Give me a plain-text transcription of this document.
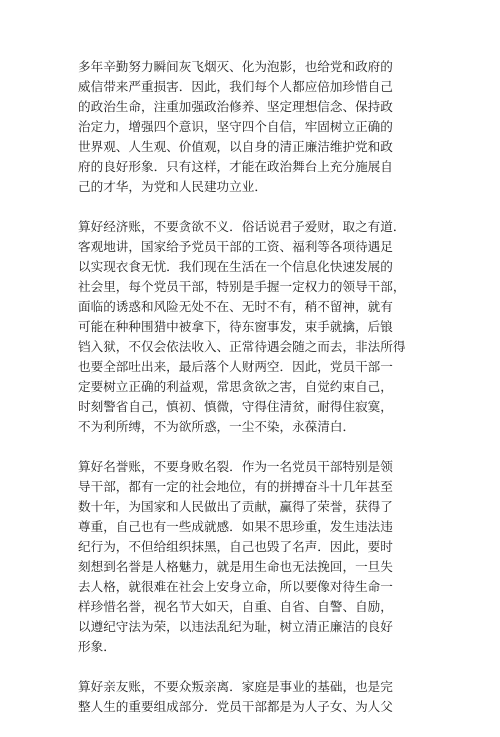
多年辛勤努力瞬间灰飞烟灭、化为泡影，也给党和政府的
威信带来严重损害．因此，我们每个人都应倍加珍惜自己
的政治生命，注重加强政治修养、坚定理想信念、保持政
治定力，增强四个意识，坚守四个自信，牢固树立正确的
世界观、人生观、价值观，以自身的清正廉洁维护党和政
府的良好形象．只有这样，才能在政治舞台上充分施展自
己的才华，为党和人民建功立业．
算好经济账，不要贪欲不义．俗话说君子爱财，取之有道．
客观地讲，国家给予党员干部的工资、福利等各项待遇足
以实现衣食无忧．我们现在生活在一个信息化快速发展的
社会里，每个党员干部，特别是手握一定权力的领导干部，
面临的诱惑和风险无处不在、无时不有，稍不留神，就有
可能在种种围猎中被拿下，待东窗事发，束手就擒，后锒
铛入狱，不仅会依法收入、正常待遇会随之而去，非法所得
也要全部吐出来，最后落个人财两空．因此，党员干部一
定要树立正确的利益观，常思贪欲之害，自觉约束自己，
时刻警省自己，慎初、慎微，守得住清贫，耐得住寂寞，
不为利所缚，不为欲所惑，一尘不染，永葆清白．
算好名誉账，不要身败名裂．作为一名党员干部特别是领
导干部，都有一定的社会地位，有的拼搏奋斗十几年甚至
数十年，为国家和人民做出了贡献，赢得了荣誉，获得了
尊重，自己也有一些成就感．如果不思珍重，发生违法违
纪行为，不但给组织抹黑，自己也毁了名声．因此，要时
刻想到名誉是人格魅力，就是用生命也无法挽回，一旦失
去人格，就很难在社会上安身立命，所以要像对待生命一
样珍惜名誉，视名节大如天，自重、自省、自警、自励，
以遵纪守法为荣，以违法乱纪为耻，树立清正廉洁的良好
形象．
算好亲友账，不要众叛亲离．家庭是事业的基础，也是完
整人生的重要组成部分．党员干部都是为人子女、为人父
